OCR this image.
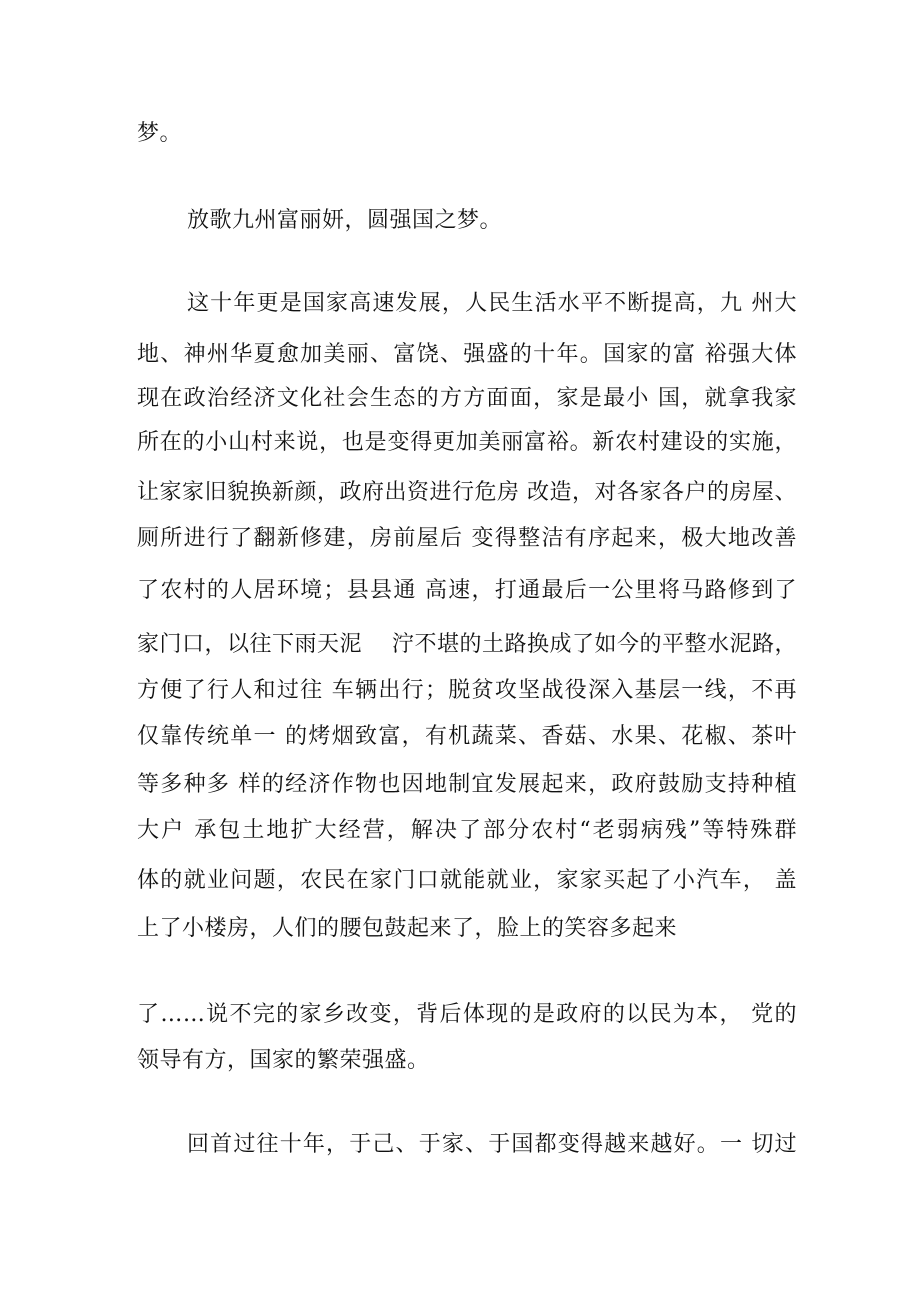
梦。
放歌九州富丽妍，圆强国之梦。
这十年更是国家高速发展，人民生活水平不断提高，九 州大
地、神州华夏愈加美丽、富饶、强盛的十年。国家的富 裕强大体
现在政治经济文化社会生态的方方面面，家是最小 国，就拿我家
所在的小山村来说，也是变得更加美丽富裕。新农村建设的实施，
让家家旧貌换新颜，政府出资进行危房 改造，对各家各户的房屋、
厕所进行了翻新修建，房前屋后 变得整洁有序起来，极大地改善
了农村的人居环境；县县通 高速，打通最后一公里将马路修到了
家门口，以往下雨天泥　 泞不堪的土路换成了如今的平整水泥路，
方便了行人和过往 车辆出行；脱贫攻坚战役深入基层一线，不再
仅靠传统单一 的烤烟致富，有机蔬菜、香菇、水果、花椒、茶叶
等多种多 样的经济作物也因地制宜发展起来，政府鼓励支持种植
大户 承包土地扩大经营，解决了部分农村“老弱病残”等特殊群
体的就业问题，农民在家门口就能就业，家家买起了小汽车， 盖
上了小楼房，人们的腰包鼓起来了，脸上的笑容多起来
了……说不完的家乡改变，背后体现的是政府的以民为本， 党的
领导有方，国家的繁荣强盛。
回首过往十年，于己、于家、于国都变得越来越好。一 切过
